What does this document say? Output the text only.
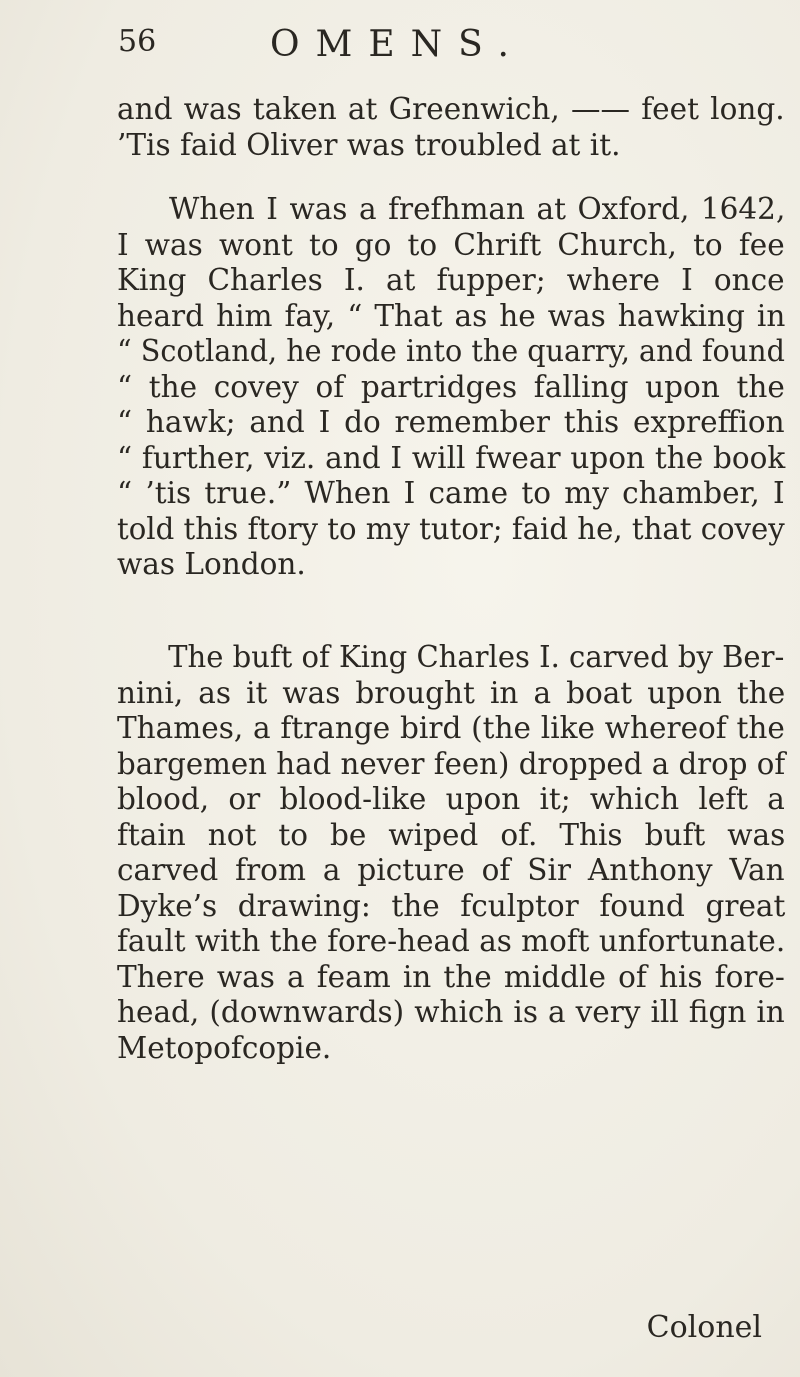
56	OMENS.

and was taken at Greenwich, —— feet long.
’Tis faid Oliver was troubled at it.

When I was a frefhman at Oxford, 1642,
I was wont to go to Chrift Church, to fee
King Charles I. at fupper; where I once
heard him fay, “ That as he was hawking in
“ Scotland, he rode into the quarry, and found
“ the covey of partridges falling upon the
“ hawk; and I do remember this expreffion
“ further, viz. and I will fwear upon the book
“ ’tis true.” When I came to my chamber, I
told this ftory to my tutor; faid he, that covey
was London.

The buft of King Charles I. carved by Ber-
nini, as it was brought in a boat upon the
Thames, a ftrange bird (the like whereof the
bargemen had never feen) dropped a drop of
blood, or blood-like upon it; which left a
ftain not to be wiped of. This buft was
carved from a picture of Sir Anthony Van
Dyke’s drawing: the fculptor found great
fault with the fore-head as moft unfortunate.
There was a feam in the middle of his fore-
head, (downwards) which is a very ill fign in
Metopofcopie.

Colonel
